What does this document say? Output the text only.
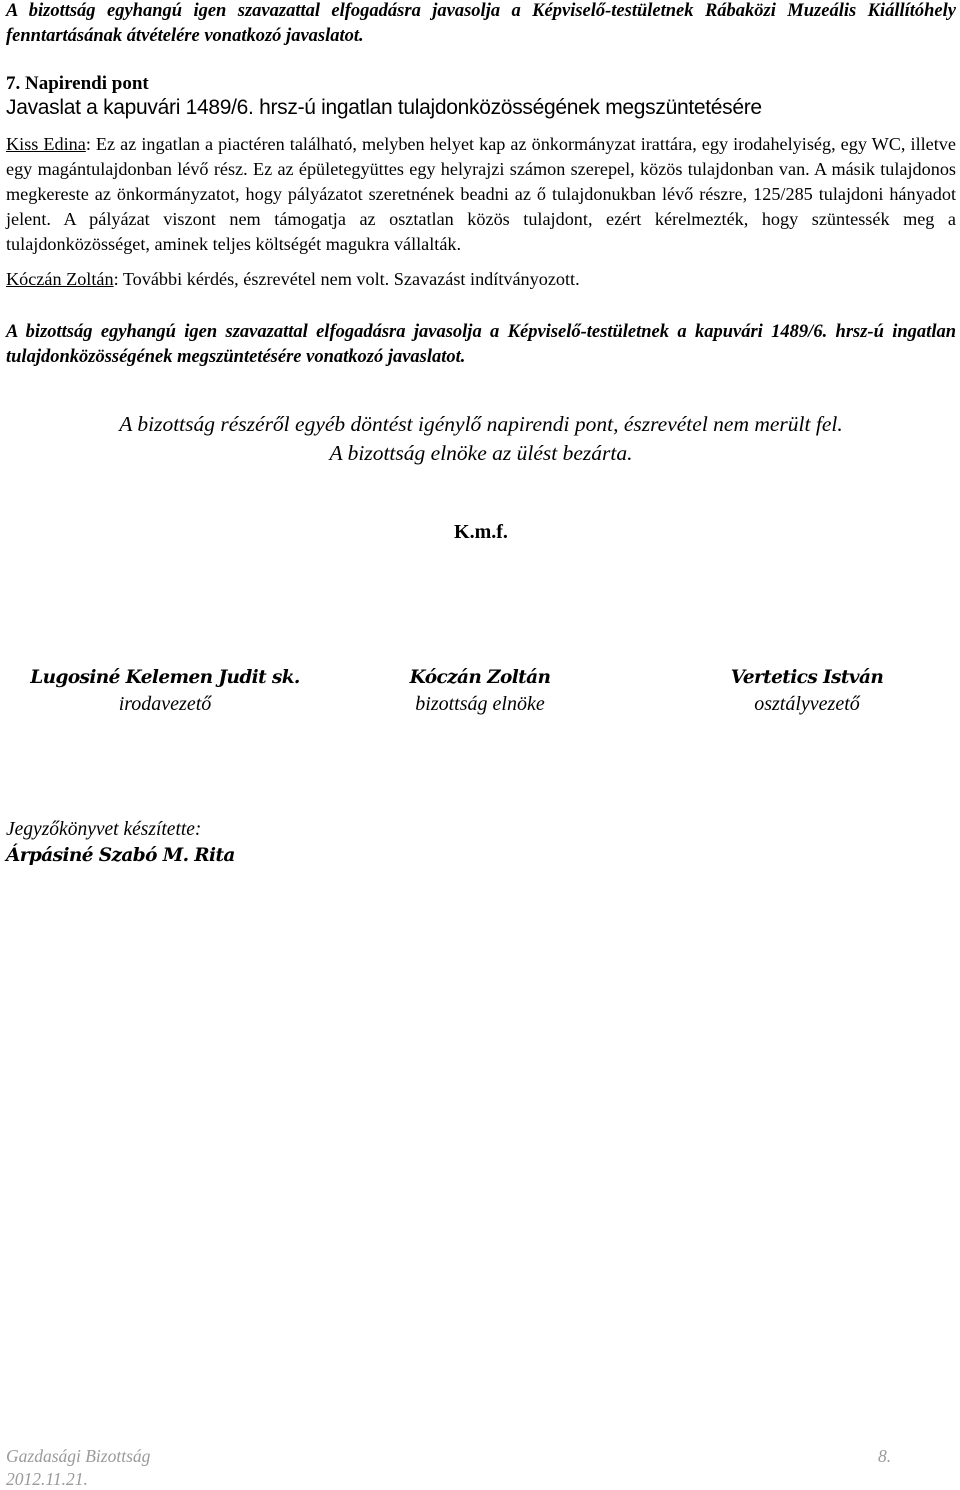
A bizottság egyhangú igen szavazattal elfogadásra javasolja a Képviselő-testületnek Rábaközi Muzeális Kiállítóhely fenntartásának átvételére vonatkozó javaslatot.

7. Napirendi pont

Javaslat a kapuvári 1489/6. hrsz-ú ingatlan tulajdonközösségének megszüntetésére

Kiss Edina: Ez az ingatlan a piactéren található, melyben helyet kap az önkormányzat irattára, egy irodahelyiség, egy WC, illetve egy magántulajdonban lévő rész. Ez az épületegyüttes egy helyrajzi számon szerepel, közös tulajdonban van. A másik tulajdonos megkereste az önkormányzatot, hogy pályázatot szeretnének beadni az ő tulajdonukban lévő részre, 125/285 tulajdoni hányadot jelent. A pályázat viszont nem támogatja az osztatlan közös tulajdont, ezért kérelmezték, hogy szüntessék meg a tulajdonközösséget, aminek teljes költségét magukra vállalták.

Kóczán Zoltán: További kérdés, észrevétel nem volt. Szavazást indítványozott.

A bizottság egyhangú igen szavazattal elfogadásra javasolja a Képviselő-testületnek a kapuvári 1489/6. hrsz-ú ingatlan tulajdonközösségének megszüntetésére vonatkozó javaslatot.

A bizottság részéről egyéb döntést igénylő napirendi pont, észrevétel nem merült fel.

A bizottság elnöke az ülést bezárta.

K.m.f.

Lugosiné Kelemen Judit sk.
irodavezető
Kóczán Zoltán
bizottság elnöke
Vertetics István
osztályvezető
Jegyzőkönyvet készítette:
Árpásiné Szabó M. Rita
Gazdasági Bizottság
2012.11.21.
8.
